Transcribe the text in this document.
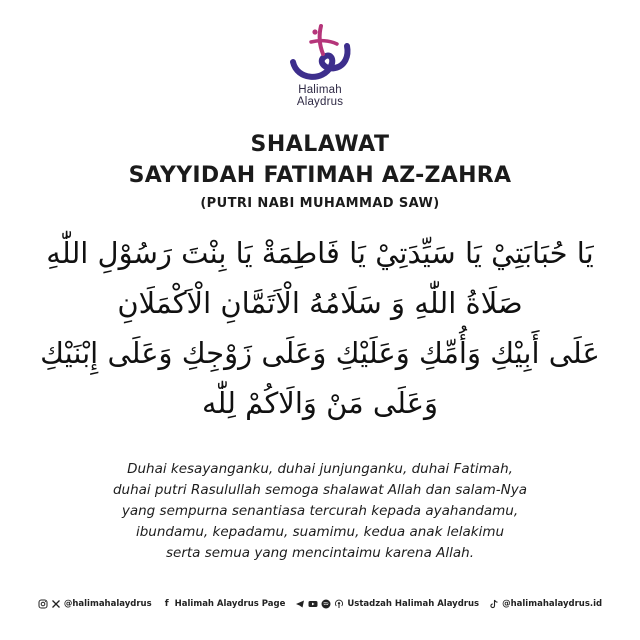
Halimah
Alaydrus
SHALAWAT
SAYYIDAH FATIMAH AZ-ZAHRA
(PUTRI NABI MUHAMMAD SAW)
يَا حُبَابَتِيْ يَا سَيِّدَتِيْ يَا فَاطِمَةْ يَا بِنْتَ رَسُوْلِ اللّٰهِ
صَلَاةُ اللّٰهِ وَ سَلَامُهُ الْاَتَمَّانِ الْاَكْمَلَانِ
عَلَى أَبِيْكِ وَأُمِّكِ وَعَلَيْكِ وَعَلَى زَوْجِكِ وَعَلَى إِبْنَيْكِ
وَعَلَى مَنْ وَالَاكُمْ لِلّٰه
Duhai kesayanganku, duhai junjunganku, duhai Fatimah,
duhai putri Rasulullah semoga shalawat Allah dan salam-Nya
yang sempurna senantiasa tercurah kepada ayahandamu,
ibundamu, kepadamu, suamimu, kedua anak lelakimu
serta semua yang mencintaimu karena Allah.
@halimahalaydrus	f Halimah Alaydrus Page	Ustadzah Halimah Alaydrus	@halimahalaydrus.id
